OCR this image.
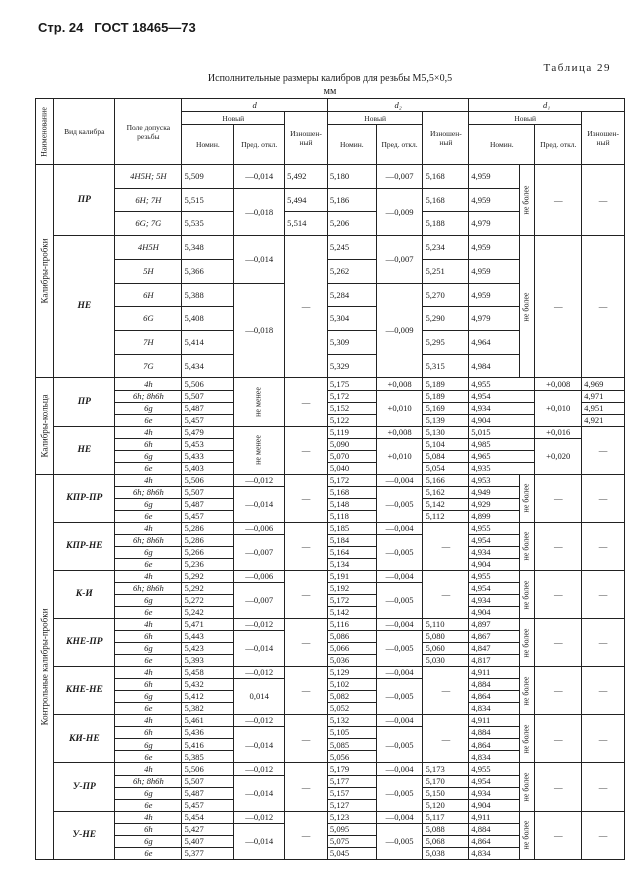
Стр. 24 ГОСТ 18465—73
Таблица 29
Исполнительные размеры калибров для резьбы М5,5×0,5
мм
Наименование	Вид калибра	Поле допуска резьбы	d			d₂			d₁			
			Новый		Изношен- ный	Новый		Изношен- ный	Новый			Изношен- ный
			Номин.	Пред. откл.		Номин.	Пред. откл.		Номин.		Пред. откл.	

Калибры-пробки	ПР	4H5H; 5H	5,509	—0,014	5,492	5,180	—0,007	5,168	4,959	не более	—	—
		6H; 7H	5,515	—0,018	5,494	5,186	—0,009	5,168	4,959			
		6G; 7G	5,535		5,514	5,206		5,188	4,979			
	НЕ	4H5H	5,348	—0,014	—	5,245	—0,007	5,234	4,959	не более	—	—
		5H	5,366			5,262		5,251	4,959			
		6H	5,388	—0,018		5,284	—0,009	5,270	4,959			
		6G	5,408			5,304		5,290	4,979			
		7H	5,414			5,309		5,295	4,964			
		7G	5,434			5,329		5,315	4,984			

Калибры-кольца	ПР	4h	5,506	не менее	—	5,175	+0,008	5,189	4,955		+0,008	4,969
		6h; 8h6h	5,507			5,172	+0,010	5,189	4,954		+0,010	4,971
		6g	5,487			5,152		5,169	4,934			4,951
		6e	5,457			5,122		5,139	4,904			4,921
	НЕ	4h	5,479	не менее	—	5,119	+0,008	5,130	5,015		+0,016	—
		6h	5,453			5,090	+0,010	5,104	4,985		+0,020	
		6g	5,433			5,070		5,084	4,965			
		6e	5,403			5,040		5,054	4,935			

Контрольные калибры-пробки	КПР-ПР	4h	5,506	—0,012	—	5,172	—0,004	5,166	4,953	не более	—	—
		6h; 8h6h	5,507	—0,014		5,168	—0,005	5,162	4,949			
		6g	5,487			5,148		5,142	4,929			
		6e	5,457			5,118		5,112	4,899			
	КПР-НЕ	4h	5,286	—0,006	—	5,185	—0,004	—	4,955	не более	—	—
		6h; 8h6h	5,286	—0,007		5,184	—0,005		4,954			
		6g	5,266			5,164			4,934			
		6e	5,236			5,134			4,904			
	К-И	4h	5,292	—0,006	—	5,191	—0,004	—	4,955	не более	—	—
		6h; 8h6h	5,292	—0,007		5,192	—0,005		4,954			
		6g	5,272			5,172			4,934			
		6e	5,242			5,142			4,904			
	КНЕ-ПР	4h	5,471	—0,012	—	5,116	—0,004	5,110	4,897	не более	—	—
		6h	5,443	—0,014		5,086	—0,005	5,080	4,867			
		6g	5,423			5,066		5,060	4,847			
		6e	5,393			5,036		5,030	4,817			
	КНЕ-НЕ	4h	5,458	—0,012	—	5,129	—0,004	—	4,911	не более	—	—
		6h	5,432	0,014		5,102	—0,005		4,884			
		6g	5,412			5,082			4,864			
		6e	5,382			5,052			4,834			
	КИ-НЕ	4h	5,461	—0,012	—	5,132	—0,004	—	4,911	не более	—	—
		6h	5,436	—0,014		5,105	—0,005		4,884			
		6g	5,416			5,085			4,864			
		6e	5,385			5,056			4,834			
	У-ПР	4h	5,506	—0,012	—	5,179	—0,004	5,173	4,955	не более	—	—
		6h; 8h6h	5,507	—0,014		5,177	—0,005	5,170	4,954			
		6g	5,487			5,157		5,150	4,934			
		6e	5,457			5,127		5,120	4,904			
	У-НЕ	4h	5,454	—0,012	—	5,123	—0,004	5,117	4,911	не более	—	—
		6h	5,427	—0,014		5,095	—0,005	5,088	4,884			
		6g	5,407			5,075		5,068	4,864			
		6e	5,377			5,045		5,038	4,834			
